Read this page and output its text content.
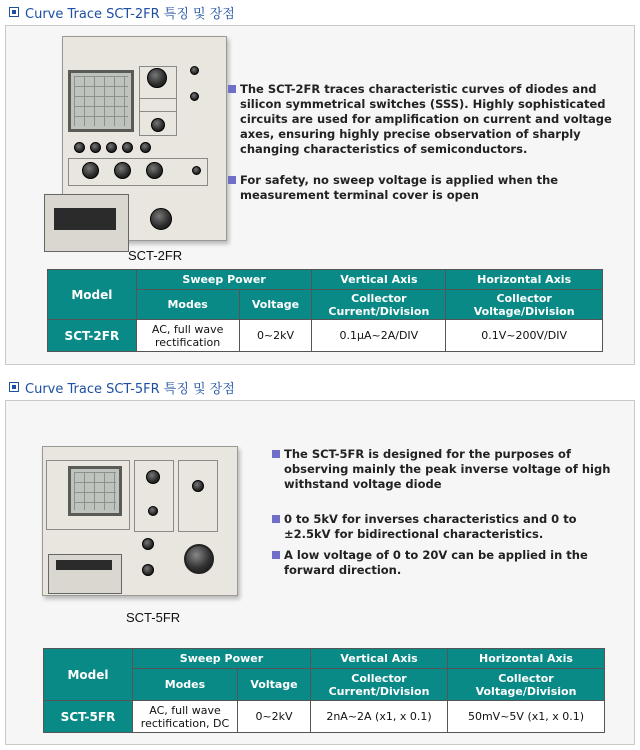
Curve Trace SCT-2FR 특징 및 장점
SCT-2FR
The SCT-2FR traces characteristic curves of diodes and silicon symmetrical switches (SSS). Highly sophisticated circuits are used for amplification on current and voltage axes, ensuring highly precise observation of sharply changing characteristics of semiconductors.
For safety, no sweep voltage is applied when the measurement terminal cover is open
Model	Sweep Power		Vertical Axis	Horizontal Axis
	Modes	Voltage	Collector Current/Division	Collector Voltage/Division
SCT-2FR	AC, full wave rectification	0~2kV	0.1μA~2A/DIV	0.1V~200V/DIV
Curve Trace SCT-5FR 특징 및 장점
SCT-5FR
The SCT-5FR is designed for the purposes of observing mainly the peak inverse voltage of high withstand voltage diode
0 to 5kV for inverses characteristics and 0 to ±2.5kV for bidirectional characteristics.
A low voltage of 0 to 20V can be applied in the forward direction.
Model	Sweep Power		Vertical Axis	Horizontal Axis
	Modes	Voltage	Collector Current/Division	Collector Voltage/Division
SCT-5FR	AC, full wave rectification, DC	0~2kV	2nA~2A (x1, x 0.1)	50mV~5V (x1, x 0.1)
